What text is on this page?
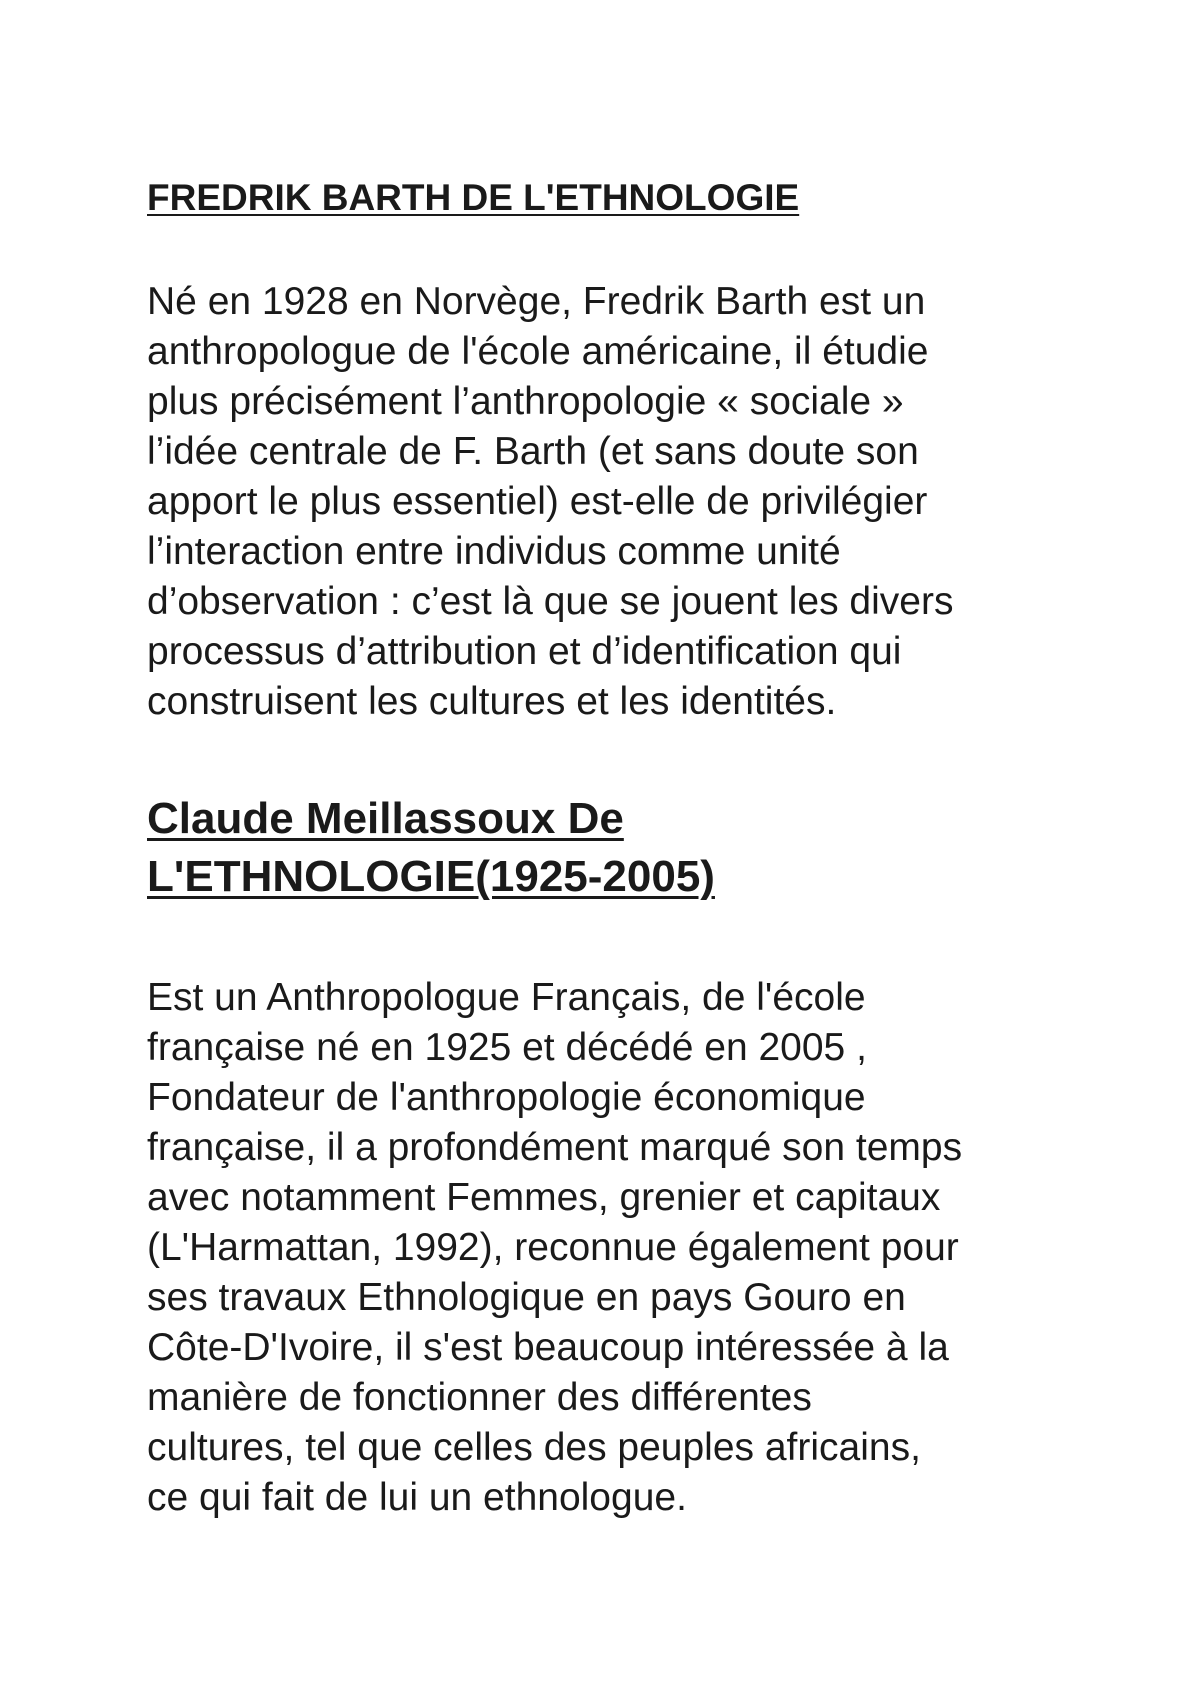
FREDRIK BARTH DE L'ETHNOLOGIE

Né en 1928 en Norvège, Fredrik Barth est un
anthropologue de l'école américaine, il étudie
plus précisément l’anthropologie « sociale »
l’idée centrale de F. Barth (et sans doute son
apport le plus essentiel) est-elle de privilégier
l’interaction entre individus comme unité
d’observation : c’est là que se jouent les divers
processus d’attribution et d’identification qui
construisent les cultures et les identités.

Claude Meillassoux De
L'ETHNOLOGIE(1925-2005)

Est un Anthropologue Français, de l'école
française né en 1925 et décédé en 2005 ,
Fondateur de l'anthropologie économique
française, il a profondément marqué son temps
avec notamment Femmes, grenier et capitaux
(L'Harmattan, 1992), reconnue également pour
ses travaux Ethnologique en pays Gouro en
Côte-D'Ivoire, il s'est beaucoup intéressée à la
manière de fonctionner des différentes
cultures, tel que celles des peuples africains,
ce qui fait de lui un ethnologue.
